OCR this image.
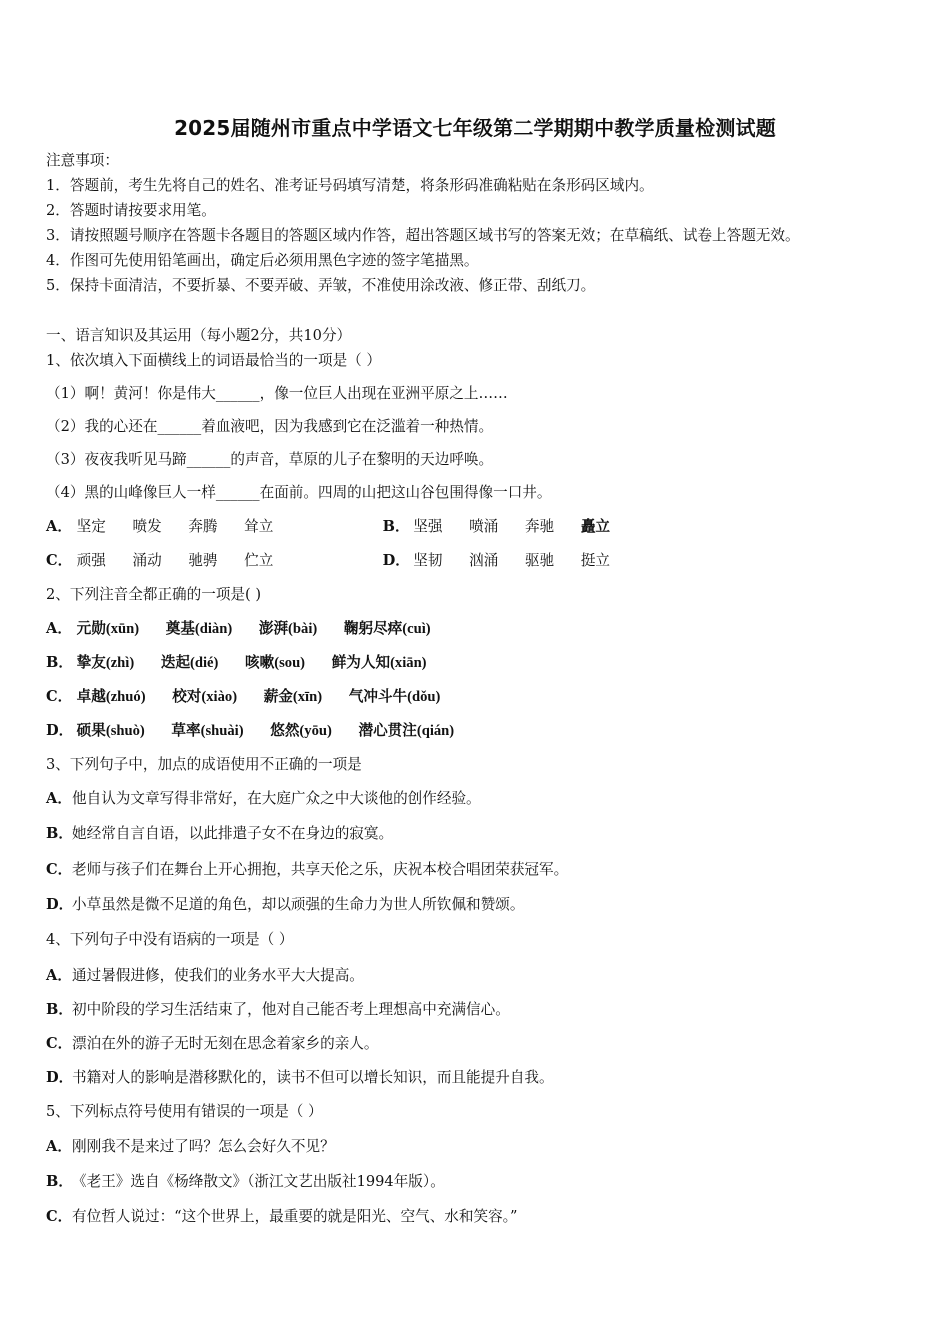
2025届随州市重点中学语文七年级第二学期期中教学质量检测试题
注意事项：
1．答题前，考生先将自己的姓名、准考证号码填写清楚，将条形码准确粘贴在条形码区域内。
2．答题时请按要求用笔。
3．请按照题号顺序在答题卡各题目的答题区域内作答，超出答题区域书写的答案无效；在草稿纸、试卷上答题无效。
4．作图可先使用铅笔画出，确定后必须用黑色字迹的签字笔描黑。
5．保持卡面清洁，不要折暴、不要弄破、弄皱，不准使用涂改液、修正带、刮纸刀。
一、语言知识及其运用（每小题2分，共10分）
1、依次填入下面横线上的词语最恰当的一项是（ ）
（1）啊！黄河！你是伟大______，像一位巨人出现在亚洲平原之上……
（2）我的心还在______着血液吧，因为我感到它在泛滥着一种热情。
（3）夜夜我听见马蹄______的声音，草原的儿子在黎明的天边呼唤。
（4）黑的山峰像巨人一样______在面前。四周的山把这山谷包围得像一口井。
A． 坚定 喷发 奔腾 耸立	B． 坚强 喷涌 奔驰 矗立
C． 顽强 涌动 驰骋 伫立	D． 坚韧 汹涌 驱驰 挺立
2、下列注音全都正确的一项是( )
A． 元勋(xūn) 奠基(diàn) 澎湃(bài) 鞠躬尽瘁(cuì)
B． 挚友(zhì) 迭起(dié) 咳嗽(sou) 鲜为人知(xiān)
C． 卓越(zhuó) 校对(xiào) 薪金(xīn) 气冲斗牛(dǒu)
D． 硕果(shuò) 草率(shuài) 悠然(yōu) 潜心贯注(qián)
3、下列句子中，加点的成语使用不正确的一项是
A．他自认为文章写得非常好，在大庭广众之中大谈他的创作经验。
B．她经常自言自语，以此排遣子女不在身边的寂寞。
C．老师与孩子们在舞台上开心拥抱，共享天伦之乐，庆祝本校合唱团荣获冠军。
D．小草虽然是微不足道的角色，却以顽强的生命力为世人所钦佩和赞颂。
4、下列句子中没有语病的一项是（ ）
A．通过暑假进修，使我们的业务水平大大提高。
B．初中阶段的学习生活结束了，他对自己能否考上理想高中充满信心。
C．漂泊在外的游子无时无刻在思念着家乡的亲人。
D．书籍对人的影响是潜移默化的，读书不但可以增长知识，而且能提升自我。
5、下列标点符号使用有错误的一项是（ ）
A．刚刚我不是来过了吗？怎么会好久不见？
B．《老王》选自《杨绛散文》（浙江文艺出版社1994年版）。
C．有位哲人说过：“这个世界上，最重要的就是阳光、空气、水和笑容。”
